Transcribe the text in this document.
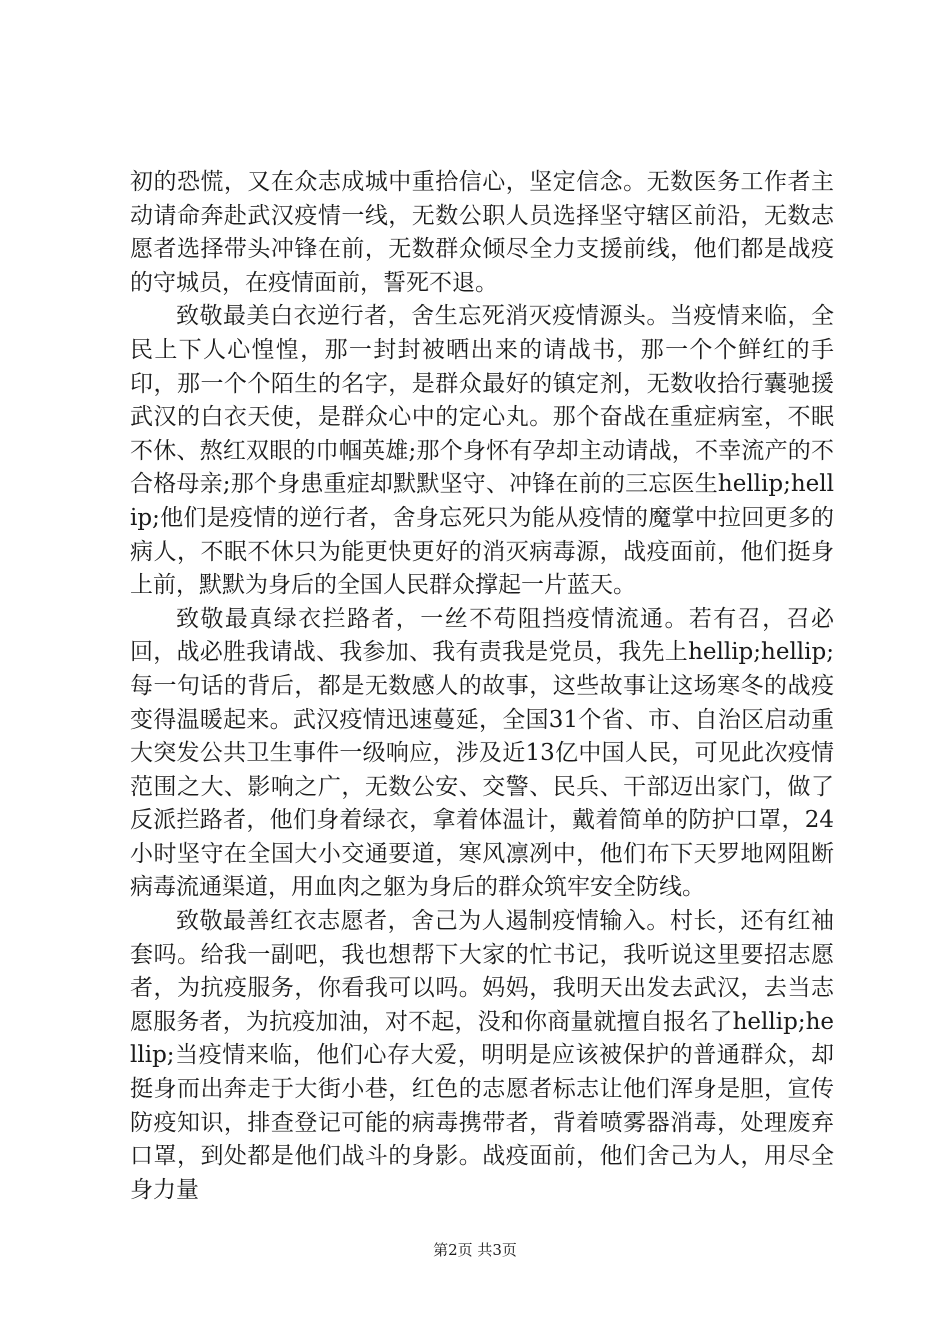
初的恐慌，又在众志成城中重拾信心，坚定信念。无数医务工作者主动请命奔赴武汉疫情一线，无数公职人员选择坚守辖区前沿，无数志愿者选择带头冲锋在前，无数群众倾尽全力支援前线，他们都是战疫的守城员，在疫情面前，誓死不退。

致敬最美白衣逆行者，舍生忘死消灭疫情源头。当疫情来临，全民上下人心惶惶，那一封封被晒出来的请战书，那一个个鲜红的手印，那一个个陌生的名字，是群众最好的镇定剂，无数收拾行囊驰援武汉的白衣天使，是群众心中的定心丸。那个奋战在重症病室，不眠不休、熬红双眼的巾帼英雄;那个身怀有孕却主动请战，不幸流产的不合格母亲;那个身患重症却默默坚守、冲锋在前的三忘医生hellip;hellip;他们是疫情的逆行者，舍身忘死只为能从疫情的魔掌中拉回更多的病人，不眠不休只为能更快更好的消灭病毒源，战疫面前，他们挺身上前，默默为身后的全国人民群众撑起一片蓝天。

致敬最真绿衣拦路者，一丝不苟阻挡疫情流通。若有召，召必回，战必胜我请战、我参加、我有责我是党员，我先上hellip;hellip;每一句话的背后，都是无数感人的故事，这些故事让这场寒冬的战疫变得温暖起来。武汉疫情迅速蔓延，全国31个省、市、自治区启动重大突发公共卫生事件一级响应，涉及近13亿中国人民，可见此次疫情范围之大、影响之广，无数公安、交警、民兵、干部迈出家门，做了反派拦路者，他们身着绿衣，拿着体温计，戴着简单的防护口罩，24小时坚守在全国大小交通要道，寒风凛冽中，他们布下天罗地网阻断病毒流通渠道，用血肉之躯为身后的群众筑牢安全防线。

致敬最善红衣志愿者，舍己为人遏制疫情输入。村长，还有红袖套吗。给我一副吧，我也想帮下大家的忙书记，我听说这里要招志愿者，为抗疫服务，你看我可以吗。妈妈，我明天出发去武汉，去当志愿服务者，为抗疫加油，对不起，没和你商量就擅自报名了hellip;hellip;当疫情来临，他们心存大爱，明明是应该被保护的普通群众，却挺身而出奔走于大街小巷，红色的志愿者标志让他们浑身是胆，宣传防疫知识，排查登记可能的病毒携带者，背着喷雾器消毒，处理废弃口罩，到处都是他们战斗的身影。战疫面前，他们舍己为人，用尽全身力量

第2页 共3页
